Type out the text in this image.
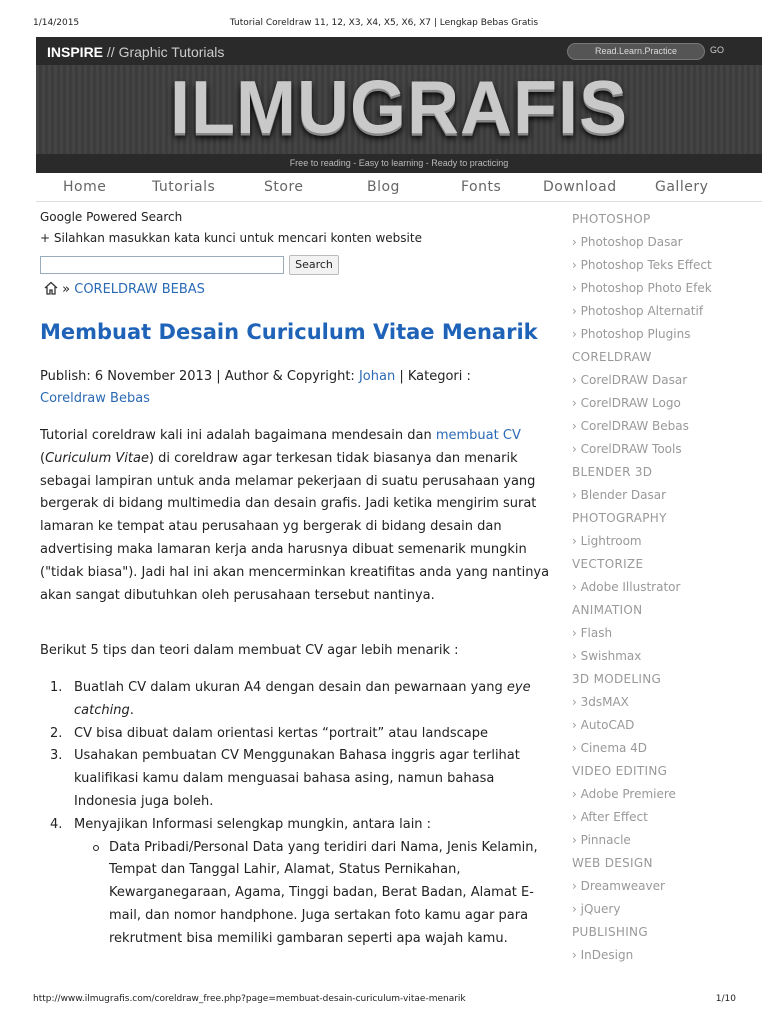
1/14/2015	Tutorial Coreldraw 11, 12, X3, X4, X5, X6, X7 | Lengkap Bebas Gratis
INSPIRE // Graphic Tutorials	Read.Learn.Practice	GO
ILMUGRAFIS
Free to reading - Easy to learning - Ready to practicing
Home	Tutorials	Store	Blog	Fonts	Download	Gallery
Google Powered Search
+ Silahkan masukkan kata kunci untuk mencari konten website
Search
» CORELDRAW BEBAS
Membuat Desain Curiculum Vitae Menarik
Publish: 6 November 2013 | Author & Copyright: Johan | Kategori :
Coreldraw Bebas
Tutorial coreldraw kali ini adalah bagaimana mendesain dan membuat CV (Curiculum Vitae) di coreldraw agar terkesan tidak biasanya dan menarik sebagai lampiran untuk anda melamar pekerjaan di suatu perusahaan yang bergerak di bidang multimedia dan desain grafis. Jadi ketika mengirim surat lamaran ke tempat atau perusahaan yg bergerak di bidang desain dan advertising maka lamaran kerja anda harusnya dibuat semenarik mungkin ("tidak biasa"). Jadi hal ini akan mencerminkan kreatifitas anda yang nantinya akan sangat dibutuhkan oleh perusahaan tersebut nantinya.
Berikut 5 tips dan teori dalam membuat CV agar lebih menarik :
1. Buatlah CV dalam ukuran A4 dengan desain dan pewarnaan yang eye catching.
2. CV bisa dibuat dalam orientasi kertas “portrait” atau landscape
3. Usahakan pembuatan CV Menggunakan Bahasa inggris agar terlihat kualifikasi kamu dalam menguasai bahasa asing, namun bahasa Indonesia juga boleh.
4. Menyajikan Informasi selengkap mungkin, antara lain :
Data Pribadi/Personal Data yang teridiri dari Nama, Jenis Kelamin, Tempat dan Tanggal Lahir, Alamat, Status Pernikahan, Kewarganegaraan, Agama, Tinggi badan, Berat Badan, Alamat E-mail, dan nomor handphone. Juga sertakan foto kamu agar para rekrutment bisa memiliki gambaran seperti apa wajah kamu.
PHOTOSHOP
› Photoshop Dasar
› Photoshop Teks Effect
› Photoshop Photo Efek
› Photoshop Alternatif
› Photoshop Plugins
CORELDRAW
› CorelDRAW Dasar
› CorelDRAW Logo
› CorelDRAW Bebas
› CorelDRAW Tools
BLENDER 3D
› Blender Dasar
PHOTOGRAPHY
› Lightroom
VECTORIZE
› Adobe Illustrator
ANIMATION
› Flash
› Swishmax
3D MODELING
› 3dsMAX
› AutoCAD
› Cinema 4D
VIDEO EDITING
› Adobe Premiere
› After Effect
› Pinnacle
WEB DESIGN
› Dreamweaver
› jQuery
PUBLISHING
› InDesign
http://www.ilmugrafis.com/coreldraw_free.php?page=membuat-desain-curiculum-vitae-menarik	1/10
